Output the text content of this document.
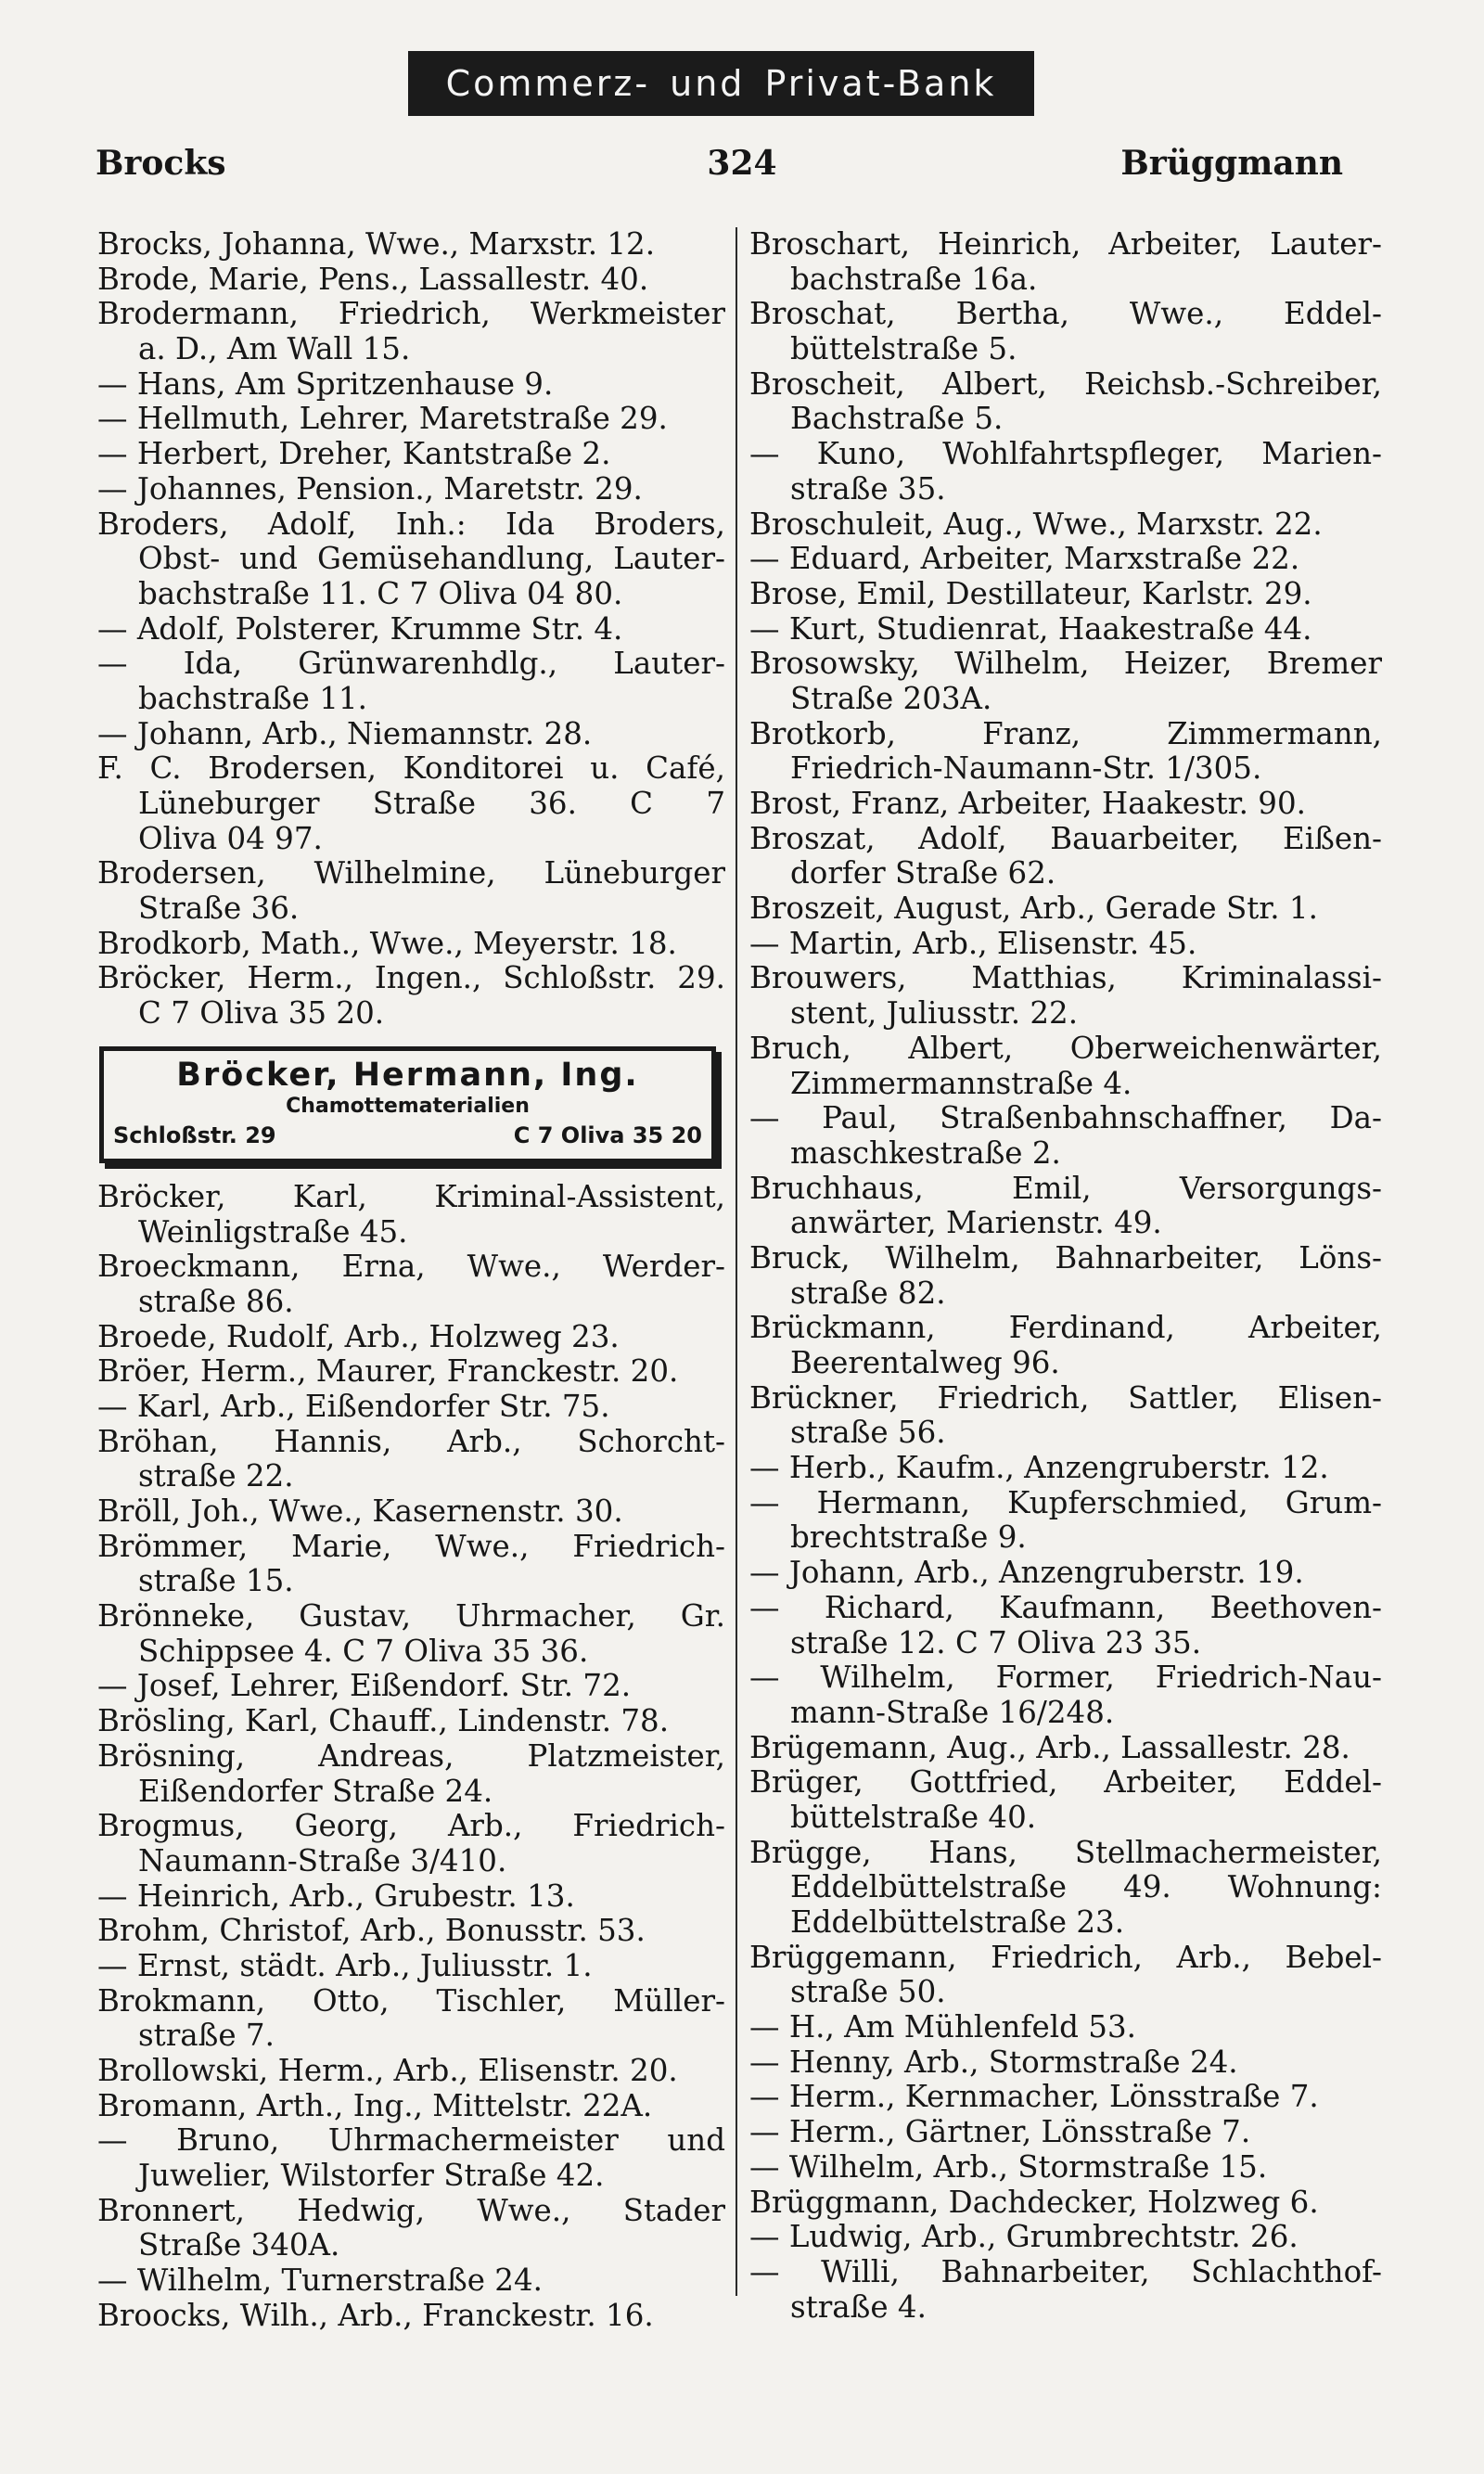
Commerz- und Privat-Bank
Brocks	324	Brüggmann
Brocks, Johanna, Wwe., Marxstr. 12.
Brode, Marie, Pens., Lassallestr. 40.
Brodermann, Friedrich, Werkmeister
a. D., Am Wall 15.
— Hans, Am Spritzenhause 9.
— Hellmuth, Lehrer, Maretstraße 29.
— Herbert, Dreher, Kantstraße 2.
— Johannes, Pension., Maretstr. 29.
Broders, Adolf, Inh.: Ida Broders,
Obst- und Gemüsehandlung, Lauter-
bachstraße 11. C 7 Oliva 04 80.
— Adolf, Polsterer, Krumme Str. 4.
— Ida, Grünwarenhdlg., Lauter-
bachstraße 11.
— Johann, Arb., Niemannstr. 28.
F. C. Brodersen, Konditorei u. Café,
Lüneburger Straße 36. C 7
Oliva 04 97.
Brodersen, Wilhelmine, Lüneburger
Straße 36.
Brodkorb, Math., Wwe., Meyerstr. 18.
Bröcker, Herm., Ingen., Schloßstr. 29.
C 7 Oliva 35 20.
Bröcker, Hermann, Ing.
Chamottematerialien
Schloßstr. 29	C 7 Oliva 35 20
Bröcker, Karl, Kriminal-Assistent,
Weinligstraße 45.
Broeckmann, Erna, Wwe., Werder-
straße 86.
Broede, Rudolf, Arb., Holzweg 23.
Bröer, Herm., Maurer, Franckestr. 20.
— Karl, Arb., Eißendorfer Str. 75.
Bröhan, Hannis, Arb., Schorcht-
straße 22.
Bröll, Joh., Wwe., Kasernenstr. 30.
Brömmer, Marie, Wwe., Friedrich-
straße 15.
Brönneke, Gustav, Uhrmacher, Gr.
Schippsee 4. C 7 Oliva 35 36.
— Josef, Lehrer, Eißendorf. Str. 72.
Brösling, Karl, Chauff., Lindenstr. 78.
Brösning, Andreas, Platzmeister,
Eißendorfer Straße 24.
Brogmus, Georg, Arb., Friedrich-
Naumann-Straße 3/410.
— Heinrich, Arb., Grubestr. 13.
Brohm, Christof, Arb., Bonusstr. 53.
— Ernst, städt. Arb., Juliusstr. 1.
Brokmann, Otto, Tischler, Müller-
straße 7.
Brollowski, Herm., Arb., Elisenstr. 20.
Bromann, Arth., Ing., Mittelstr. 22A.
— Bruno, Uhrmachermeister und
Juwelier, Wilstorfer Straße 42.
Bronnert, Hedwig, Wwe., Stader
Straße 340A.
— Wilhelm, Turnerstraße 24.
Broocks, Wilh., Arb., Franckestr. 16.
Broschart, Heinrich, Arbeiter, Lauter-
bachstraße 16a.
Broschat, Bertha, Wwe., Eddel-
büttelstraße 5.
Broscheit, Albert, Reichsb.-Schreiber,
Bachstraße 5.
— Kuno, Wohlfahrtspfleger, Marien-
straße 35.
Broschuleit, Aug., Wwe., Marxstr. 22.
— Eduard, Arbeiter, Marxstraße 22.
Brose, Emil, Destillateur, Karlstr. 29.
— Kurt, Studienrat, Haakestraße 44.
Brosowsky, Wilhelm, Heizer, Bremer
Straße 203A.
Brotkorb, Franz, Zimmermann,
Friedrich-Naumann-Str. 1/305.
Brost, Franz, Arbeiter, Haakestr. 90.
Broszat, Adolf, Bauarbeiter, Eißen-
dorfer Straße 62.
Broszeit, August, Arb., Gerade Str. 1.
— Martin, Arb., Elisenstr. 45.
Brouwers, Matthias, Kriminalassi-
stent, Juliusstr. 22.
Bruch, Albert, Oberweichenwärter,
Zimmermannstraße 4.
— Paul, Straßenbahnschaffner, Da-
maschkestraße 2.
Bruchhaus, Emil, Versorgungs-
anwärter, Marienstr. 49.
Bruck, Wilhelm, Bahnarbeiter, Löns-
straße 82.
Brückmann, Ferdinand, Arbeiter,
Beerentalweg 96.
Brückner, Friedrich, Sattler, Elisen-
straße 56.
— Herb., Kaufm., Anzengruberstr. 12.
— Hermann, Kupferschmied, Grum-
brechtstraße 9.
— Johann, Arb., Anzengruberstr. 19.
— Richard, Kaufmann, Beethoven-
straße 12. C 7 Oliva 23 35.
— Wilhelm, Former, Friedrich-Nau-
mann-Straße 16/248.
Brügemann, Aug., Arb., Lassallestr. 28.
Brüger, Gottfried, Arbeiter, Eddel-
büttelstraße 40.
Brügge, Hans, Stellmachermeister,
Eddelbüttelstraße 49. Wohnung:
Eddelbüttelstraße 23.
Brüggemann, Friedrich, Arb., Bebel-
straße 50.
— H., Am Mühlenfeld 53.
— Henny, Arb., Stormstraße 24.
— Herm., Kernmacher, Lönsstraße 7.
— Herm., Gärtner, Lönsstraße 7.
— Wilhelm, Arb., Stormstraße 15.
Brüggmann, Dachdecker, Holzweg 6.
— Ludwig, Arb., Grumbrechtstr. 26.
— Willi, Bahnarbeiter, Schlachthof-
straße 4.
